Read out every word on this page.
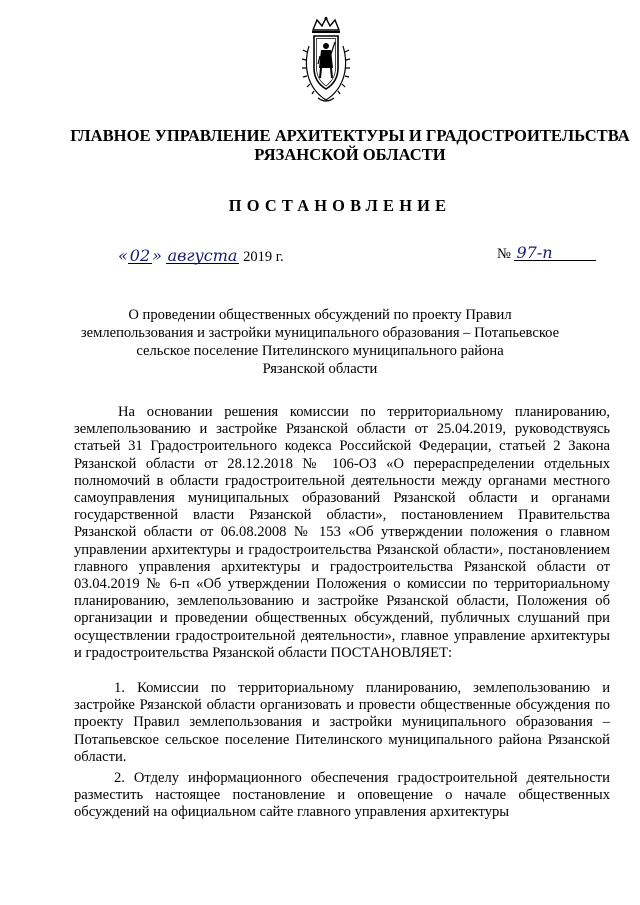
ГЛАВНОЕ УПРАВЛЕНИЕ АРХИТЕКТУРЫ И ГРАДОСТРОИТЕЛЬСТВА
РЯЗАНСКОЙ ОБЛАСТИ
ПОСТАНОВЛЕНИЕ
« 02 » августа 2019 г.	№ 97-п
О проведении общественных обсуждений по проекту Правил
землепользования и застройки муниципального образования – Потапьевское
сельское поселение Пителинского муниципального района
Рязанской области

На основании решения комиссии по территориальному планированию, землепользованию и застройке Рязанской области от 25.04.2019, руководствуясь статьей 31 Градостроительного кодекса Российской Федерации, статьей 2 Закона Рязанской области от 28.12.2018 № 106-ОЗ «О перераспределении отдельных полномочий в области градостроительной деятельности между органами местного самоуправления муниципальных образований Рязанской области и органами государственной власти Рязанской области», постановлением Правительства Рязанской области от 06.08.2008 № 153 «Об утверждении положения о главном управлении архитектуры и градостроительства Рязанской области», постановлением главного управления архитектуры и градостроительства Рязанской области от 03.04.2019 № 6-п «Об утверждении Положения о комиссии по территориальному планированию, землепользованию и застройке Рязанской области, Положения об организации и проведении общественных обсуждений, публичных слушаний при осуществлении градостроительной деятельности», главное управление архитектуры и градостроительства Рязанской области ПОСТАНОВЛЯЕТ:

1. Комиссии по территориальному планированию, землепользованию и застройке Рязанской области организовать и провести общественные обсуждения по проекту Правил землепользования и застройки муниципального образования – Потапьевское сельское поселение Пителинского муниципального района Рязанской области.

2. Отделу информационного обеспечения градостроительной деятельности разместить настоящее постановление и оповещение о начале общественных обсуждений на официальном сайте главного управления архитектуры
